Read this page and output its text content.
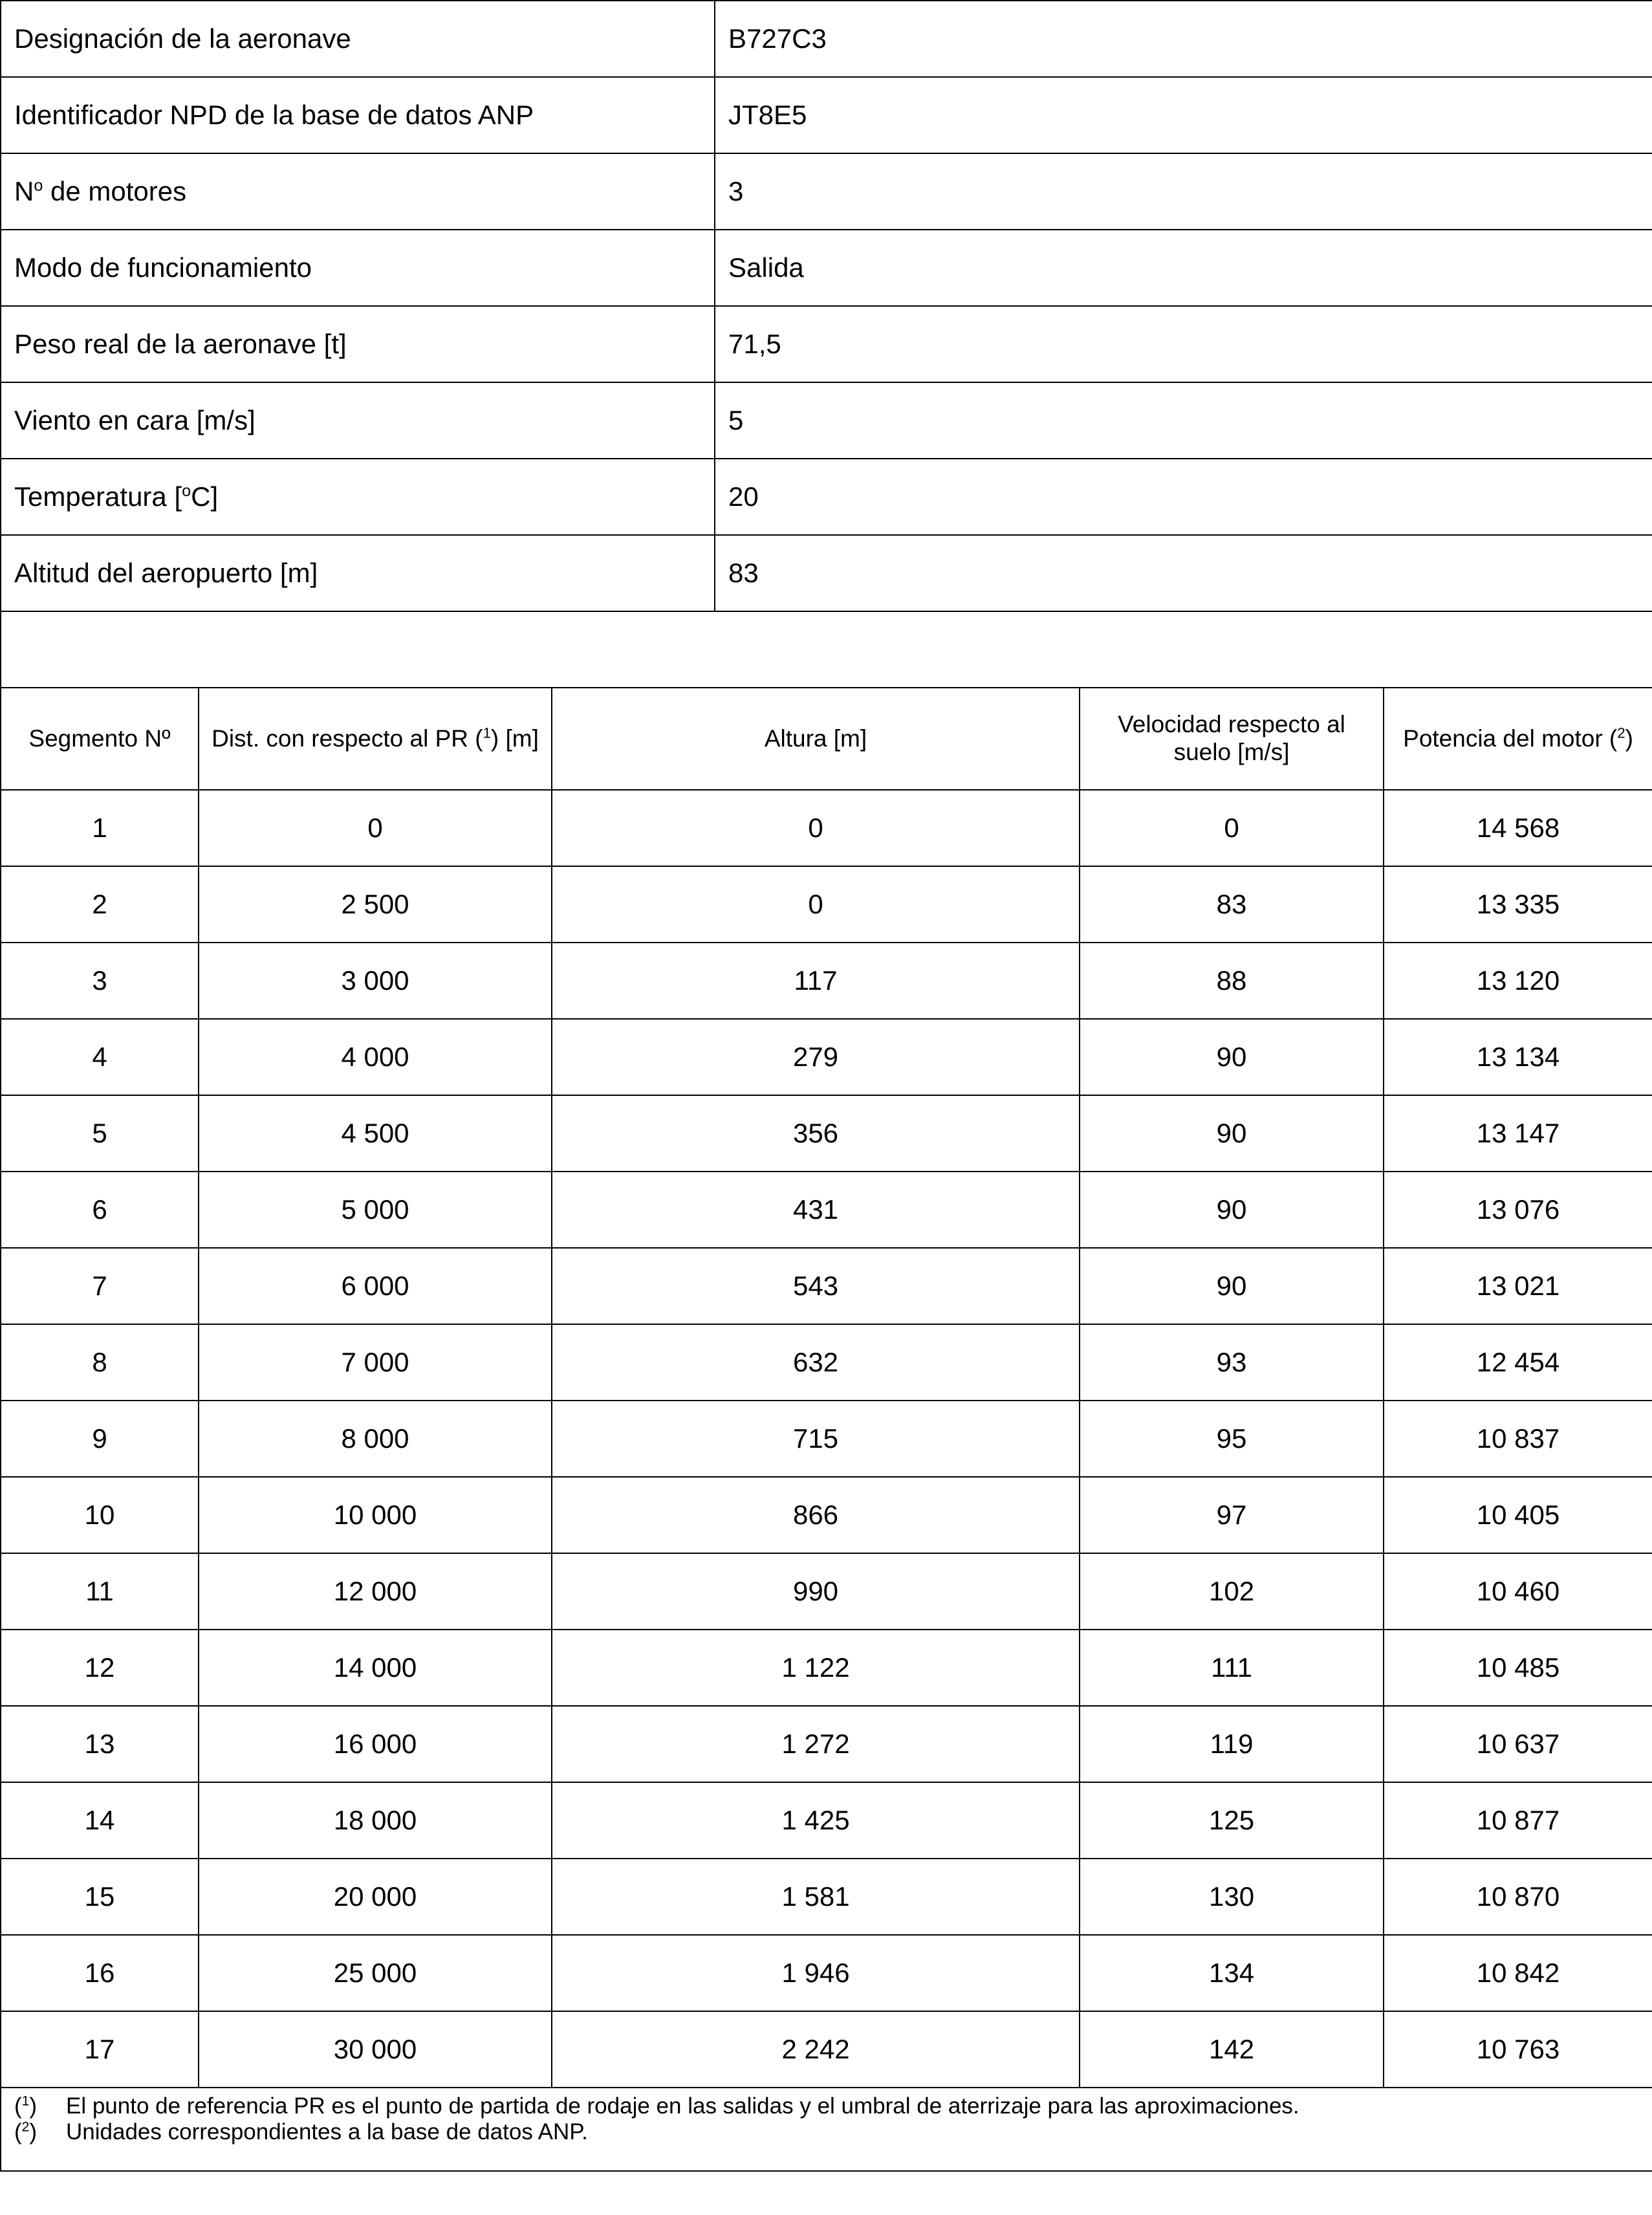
Designación de la aeronave			B727C3		
Identificador NPD de la base de datos ANP			JT8E5		
$N^o$ de motores			3		
Modo de funcionamiento			Salida		
Peso real de la aeronave [t]			71,5		
Viento en cara [m/s]			5		
Temperatura [$^o$C]			20		
Altitud del aeropuerto [m]			83		

Segmento Nº	Dist. con respecto al PR ($^1$) [m]	Altura [m]		Velocidad respecto al suelo [m/s]	Potencia del motor ($^2$)
1	0	0		0	14 568
2	2 500	0		83	13 335
3	3 000	117		88	13 120
4	4 000	279		90	13 134
5	4 500	356		90	13 147
6	5 000	431		90	13 076
7	6 000	543		90	13 021
8	7 000	632		93	12 454
9	8 000	715		95	10 837
10	10 000	866		97	10 405
11	12 000	990		102	10 460
12	14 000	1 122		111	10 485
13	16 000	1 272		119	10 637
14	18 000	1 425		125	10 877
15	20 000	1 581		130	10 870
16	25 000	1 946		134	10 842
17	30 000	2 242		142	10 763

($^1$) El punto de referencia PR es el punto de partida de rodaje en las salidas y el umbral de aterrizaje para las aproximaciones.
($^2$) Unidades correspondientes a la base de datos ANP.					
